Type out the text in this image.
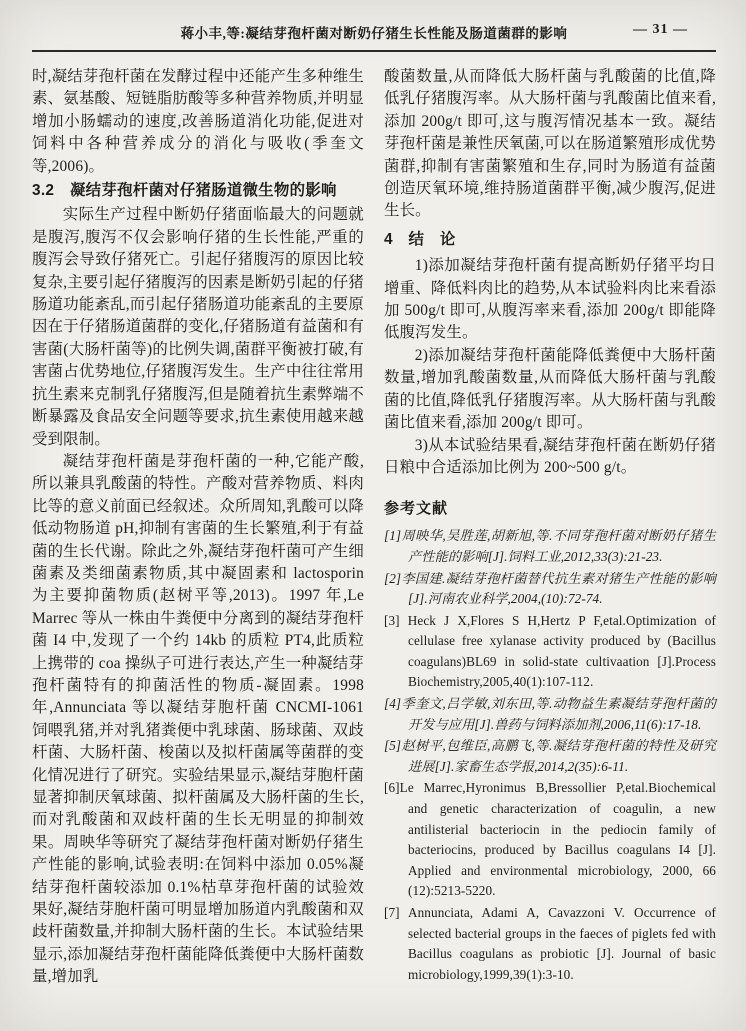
蒋小丰,等:凝结芽孢杆菌对断奶仔猪生长性能及肠道菌群的影响	— 31 —

时,凝结芽孢杆菌在发酵过程中还能产生多种维生素、氨基酸、短链脂肪酸等多种营养物质,并明显增加小肠蠕动的速度,改善肠道消化功能,促进对饲料中各种营养成分的消化与吸收(季奎文等,2006)。

3.2　凝结芽孢杆菌对仔猪肠道微生物的影响

实际生产过程中断奶仔猪面临最大的问题就是腹泻,腹泻不仅会影响仔猪的生长性能,严重的腹泻会导致仔猪死亡。引起仔猪腹泻的原因比较复杂,主要引起仔猪腹泻的因素是断奶引起的仔猪肠道功能紊乱,而引起仔猪肠道功能紊乱的主要原因在于仔猪肠道菌群的变化,仔猪肠道有益菌和有害菌(大肠杆菌等)的比例失调,菌群平衡被打破,有害菌占优势地位,仔猪腹泻发生。生产中往往常用抗生素来克制乳仔猪腹泻,但是随着抗生素弊端不断暴露及食品安全问题等要求,抗生素使用越来越受到限制。

凝结芽孢杆菌是芽孢杆菌的一种,它能产酸,所以兼具乳酸菌的特性。产酸对营养物质、料肉比等的意义前面已经叙述。众所周知,乳酸可以降低动物肠道 pH,抑制有害菌的生长繁殖,利于有益菌的生长代谢。除此之外,凝结芽孢杆菌可产生细菌素及类细菌素物质,其中凝固素和 lactosporin 为主要抑菌物质(赵树平等,2013)。1997 年,Le Marrec 等从一株由牛粪便中分离到的凝结芽孢杆菌 I4 中,发现了一个约 14kb 的质粒 PT4,此质粒上携带的 coa 操纵子可进行表达,产生一种凝结芽孢杆菌特有的抑菌活性的物质-凝固素。1998 年,Annunciata 等以凝结芽胞杆菌 CNCMI-1061 饲喂乳猪,并对乳猪粪便中乳球菌、肠球菌、双歧杆菌、大肠杆菌、梭菌以及拟杆菌属等菌群的变化情况进行了研究。实验结果显示,凝结芽胞杆菌显著抑制厌氧球菌、拟杆菌属及大肠杆菌的生长,而对乳酸菌和双歧杆菌的生长无明显的抑制效果。周映华等研究了凝结芽孢杆菌对断奶仔猪生产性能的影响,试验表明:在饲料中添加 0.05%凝结芽孢杆菌较添加 0.1%枯草芽孢杆菌的试验效果好,凝结芽胞杆菌可明显增加肠道内乳酸菌和双歧杆菌数量,并抑制大肠杆菌的生长。本试验结果显示,添加凝结芽孢杆菌能降低粪便中大肠杆菌数量,增加乳

酸菌数量,从而降低大肠杆菌与乳酸菌的比值,降低乳仔猪腹泻率。从大肠杆菌与乳酸菌比值来看,添加 200g/t 即可,这与腹泻情况基本一致。凝结芽孢杆菌是兼性厌氧菌,可以在肠道繁殖形成优势菌群,抑制有害菌繁殖和生存,同时为肠道有益菌创造厌氧环境,维持肠道菌群平衡,减少腹泻,促进生长。

4　结　论

1)添加凝结芽孢杆菌有提高断奶仔猪平均日增重、降低料肉比的趋势,从本试验料肉比来看添加 500g/t 即可,从腹泻率来看,添加 200g/t 即能降低腹泻发生。

2)添加凝结芽孢杆菌能降低粪便中大肠杆菌数量,增加乳酸菌数量,从而降低大肠杆菌与乳酸菌的比值,降低乳仔猪腹泻率。从大肠杆菌与乳酸菌比值来看,添加 200g/t 即可。

3)从本试验结果看,凝结芽孢杆菌在断奶仔猪日粮中合适添加比例为 200~500 g/t。

参考文献
[1]周映华,吴胜莲,胡新旭,等.不同芽孢杆菌对断奶仔猪生产性能的影响[J].饲料工业,2012,33(3):21-23.
[2]李国建.凝结芽孢杆菌替代抗生素对猪生产性能的影响[J].河南农业科学,2004,(10):72-74.
[3] Heck J X,Flores S H,Hertz P F,etal.Optimization of cellulase free xylanase activity produced by (Bacillus coagulans)BL69 in solid-state cultivaation [J].Process Biochemistry,2005,40(1):107-112.
[4]季奎文,吕学敏,刘东田,等.动物益生素凝结芽孢杆菌的开发与应用[J].兽药与饲料添加剂,2006,11(6):17-18.
[5]赵树平,包维臣,高鹏飞,等.凝结芽孢杆菌的特性及研究进展[J].家畜生态学报,2014,2(35):6-11.
[6]Le Marrec,Hyronimus B,Bressollier P,etal.Biochemical and genetic characterization of coagulin, a new antilisterial bacteriocin in the pediocin family of bacteriocins, produced by Bacillus coagulans I4 [J]. Applied and environmental microbiology, 2000, 66 (12):5213-5220.
[7] Annunciata, Adami A, Cavazzoni V. Occurrence of selected bacterial groups in the faeces of piglets fed with Bacillus coagulans as probiotic [J]. Journal of basic microbiology,1999,39(1):3-10.
